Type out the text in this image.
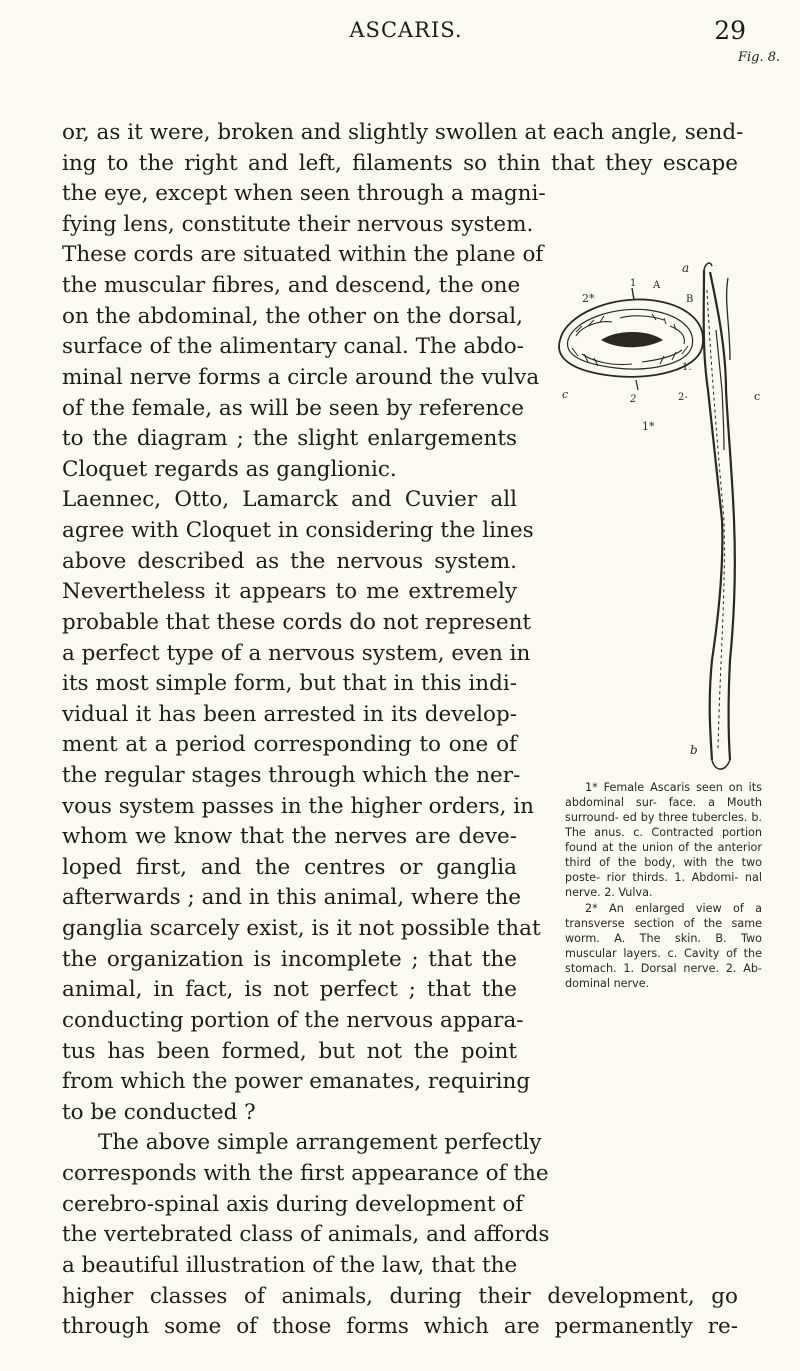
ASCARIS.	29
or, as it were, broken and slightly swollen at each angle, send-
ing to the right and left, filaments so thin that they escape
the eye, except when seen through a magni-
fying lens, constitute their nervous system.
These cords are situated within the plane of
the muscular fibres, and descend, the one
on the abdominal, the other on the dorsal,
surface of the alimentary canal. The abdo-
minal nerve forms a circle around the vulva
of the female, as will be seen by reference
to the diagram ; the slight enlargements
Cloquet regards as ganglionic.
Laennec, Otto, Lamarck and Cuvier all
agree with Cloquet in considering the lines
above described as the nervous system.
Nevertheless it appears to me extremely
probable that these cords do not represent
a perfect type of a nervous system, even in
its most simple form, but that in this indi-
vidual it has been arrested in its develop-
ment at a period corresponding to one of
the regular stages through which the ner-
vous system passes in the higher orders, in
whom we know that the nerves are deve-
loped first, and the centres or ganglia
afterwards ; and in this animal, where the
ganglia scarcely exist, is it not possible that
the organization is incomplete ; that the
animal, in fact, is not perfect ; that the
conducting portion of the nervous appara-
tus has been formed, but not the point
from which the power emanates, requiring
to be conducted ?
The above simple arrangement perfectly
corresponds with the first appearance of the
cerebro-spinal axis during development of
the vertebrated class of animals, and affords
a beautiful illustration of the law, that the
higher classes of animals, during their development, go
through some of those forms which are permanently re-
Fig. 8.
a
1.
2-	c
1*
b
2*
1 A
B
c	2

1* Female Ascaris seen on its abdominal sur- face. a Mouth surround- ed by three tubercles. b. The anus. c. Contracted portion found at the union of the anterior third of the body, with the two poste- rior thirds. 1. Abdomi- nal nerve. 2. Vulva.

2* An enlarged view of a transverse section of the same worm. A. The skin. B. Two muscular layers. c. Cavity of the stomach. 1. Dorsal nerve. 2. Ab- dominal nerve.
